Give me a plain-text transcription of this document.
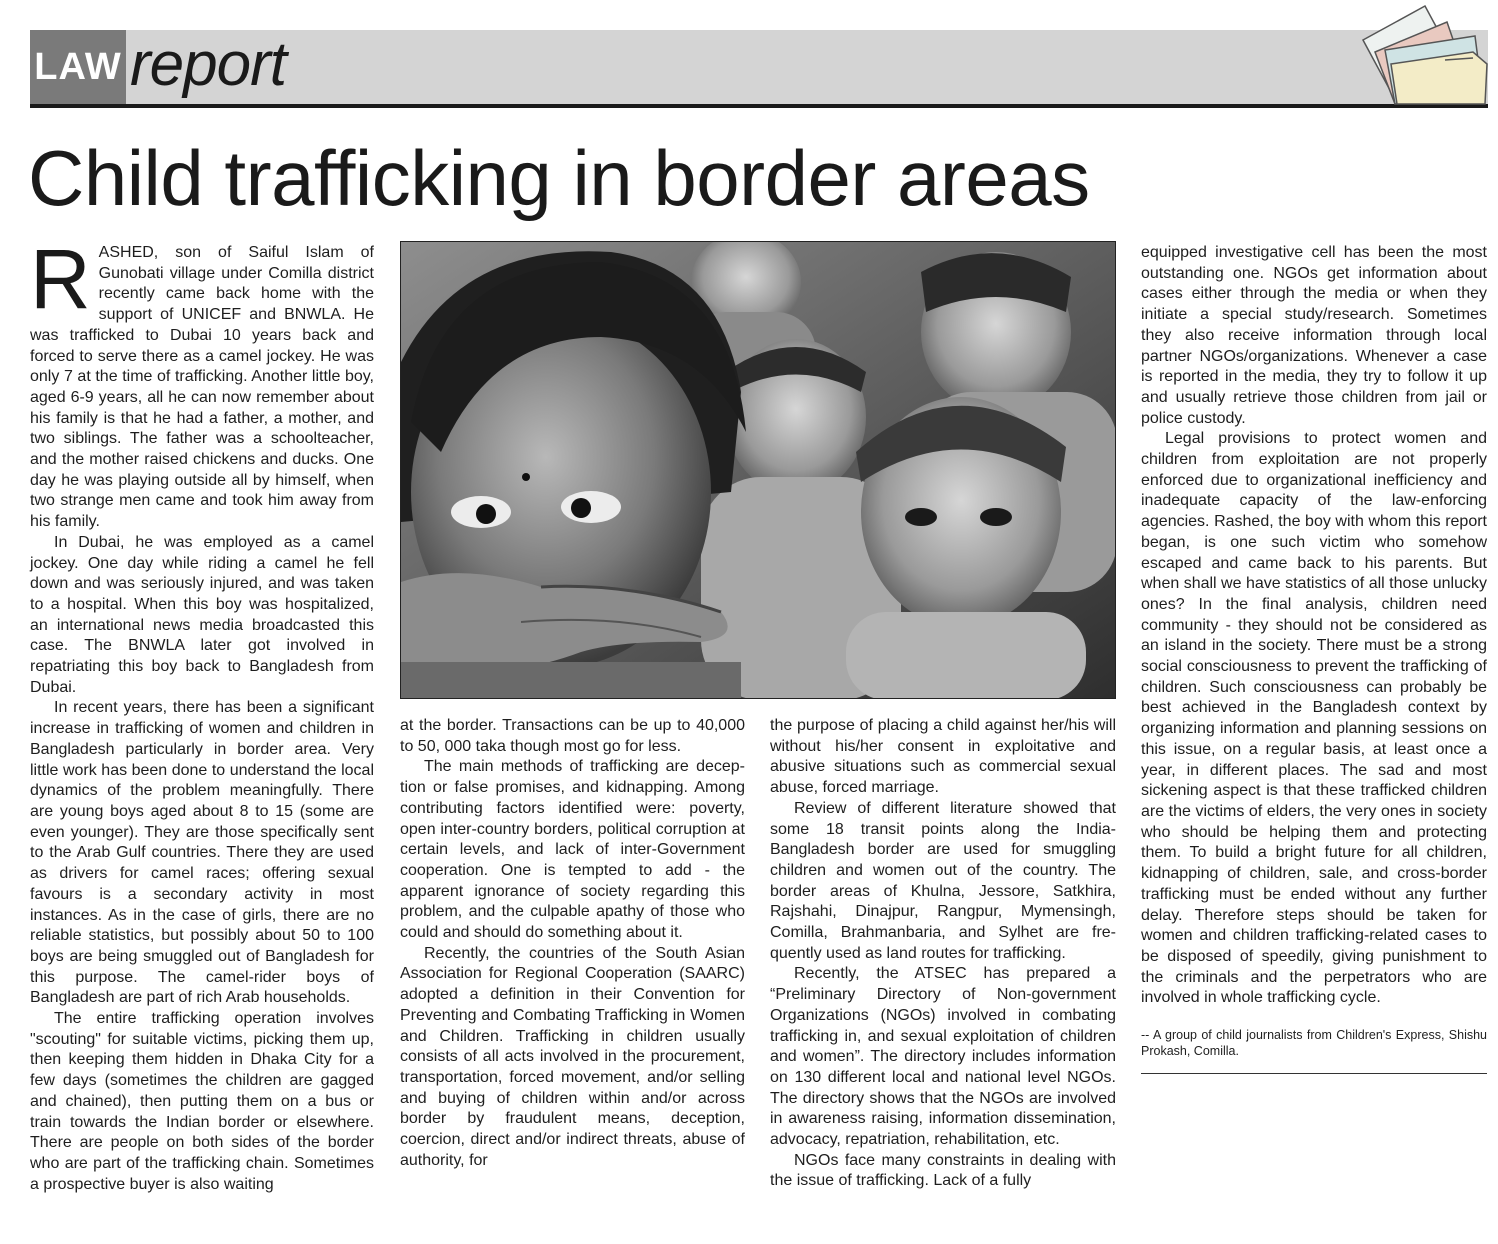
LAW report
Child trafficking in border areas

RASHED, son of Saiful Islam of Gunobati village under Comilla district recently came back home with the support of UNICEF and BNWLA. He was trafficked to Dubai 10 years back and forced to serve there as a camel jockey. He was only 7 at the time of trafficking. Another little boy, aged 6-9 years, all he can now remember about his family is that he had a father, a mother, and two siblings. The father was a schoolteacher, and the mother raised chickens and ducks. One day he was playing outside all by himself, when two strange men came and took him away from his family.

In Dubai, he was employed as a camel jockey. One day while riding a camel he fell down and was seriously injured, and was taken to a hospital. When this boy was hospitalized, an international news media broadcasted this case. The BNWLA later got involved in repatriating this boy back to Bangladesh from Dubai.

In recent years, there has been a significant increase in trafficking of women and children in Bangladesh particularly in border area. Very little work has been done to understand the local dynamics of the problem meaningfully. There are young boys aged about 8 to 15 (some are even younger). They are those specifically sent to the Arab Gulf countries. There they are used as drivers for camel races; offering sexual favours is a secondary activity in most instances. As in the case of girls, there are no reliable statistics, but possibly about 50 to 100 boys are being smuggled out of Bangladesh for this purpose. The camel-rider boys of Bangladesh are part of rich Arab households.

The entire trafficking operation involves "scouting" for suitable victims, picking them up, then keeping them hidden in Dhaka City for a few days (sometimes the children are gagged and chained), then putting them on a bus or train towards the Indian border or elsewhere. There are people on both sides of the border who are part of the trafficking chain. Sometimes a prospective buyer is also waiting

at the border. Transactions can be up to 40,000 to 50, 000 taka though most go for less.

The main methods of trafficking are deception or false promises, and kidnapping. Among contributing factors identified were: poverty, open inter-country borders, political corruption at certain levels, and lack of inter-Government cooperation. One is tempted to add - the apparent ignorance of society regarding this problem, and the culpable apathy of those who could and should do something about it.

Recently, the countries of the South Asian Association for Regional Cooperation (SAARC) adopted a definition in their Convention for Preventing and Combating Trafficking in Women and Children. Trafficking in children usually consists of all acts involved in the procurement, transportation, forced movement, and/or selling and buying of children within and/or across border by fraudulent means, deception, coercion, direct and/or indirect threats, abuse of authority, for

the purpose of placing a child against her/his will without his/her consent in exploitative and abusive situations such as commercial sexual abuse, forced marriage.

Review of different literature showed that some 18 transit points along the India-Bangladesh border are used for smuggling children and women out of the country. The border areas of Khulna, Jessore, Satkhira, Rajshahi, Dinajpur, Rangpur, Mymensingh, Comilla, Brahmanbaria, and Sylhet are frequently used as land routes for trafficking.

Recently, the ATSEC has prepared a “Preliminary Directory of Non-government Organizations (NGOs) involved in combating trafficking in, and sexual exploitation of children and women”. The directory includes information on 130 different local and national level NGOs. The directory shows that the NGOs are involved in awareness raising, information dissemination, advocacy, repatriation, rehabilitation, etc.

NGOs face many constraints in dealing with the issue of trafficking. Lack of a fully

equipped investigative cell has been the most outstanding one. NGOs get information about cases either through the media or when they initiate a special study/research. Sometimes they also receive information through local partner NGOs/organizations. Whenever a case is reported in the media, they try to follow it up and usually retrieve those children from jail or police custody.

Legal provisions to protect women and children from exploitation are not properly enforced due to organizational inefficiency and inadequate capacity of the law-enforcing agencies. Rashed, the boy with whom this report began, is one such victim who somehow escaped and came back to his parents. But when shall we have statistics of all those unlucky ones? In the final analysis, children need community - they should not be considered as an island in the society. There must be a strong social consciousness to prevent the trafficking of children. Such consciousness can probably be best achieved in the Bangladesh context by organizing information and planning sessions on this issue, on a regular basis, at least once a year, in different places. The sad and most sickening aspect is that these trafficked children are the victims of elders, the very ones in society who should be helping them and protecting them. To build a bright future for all children, kidnapping of children, sale, and cross-border trafficking must be ended without any further delay. Therefore steps should be taken for women and children trafficking-related cases to be disposed of speedily, giving punishment to the criminals and the perpetrators who are involved in whole trafficking cycle.

-- A group of child journalists from Children's Express, Shishu Prokash, Comilla.
